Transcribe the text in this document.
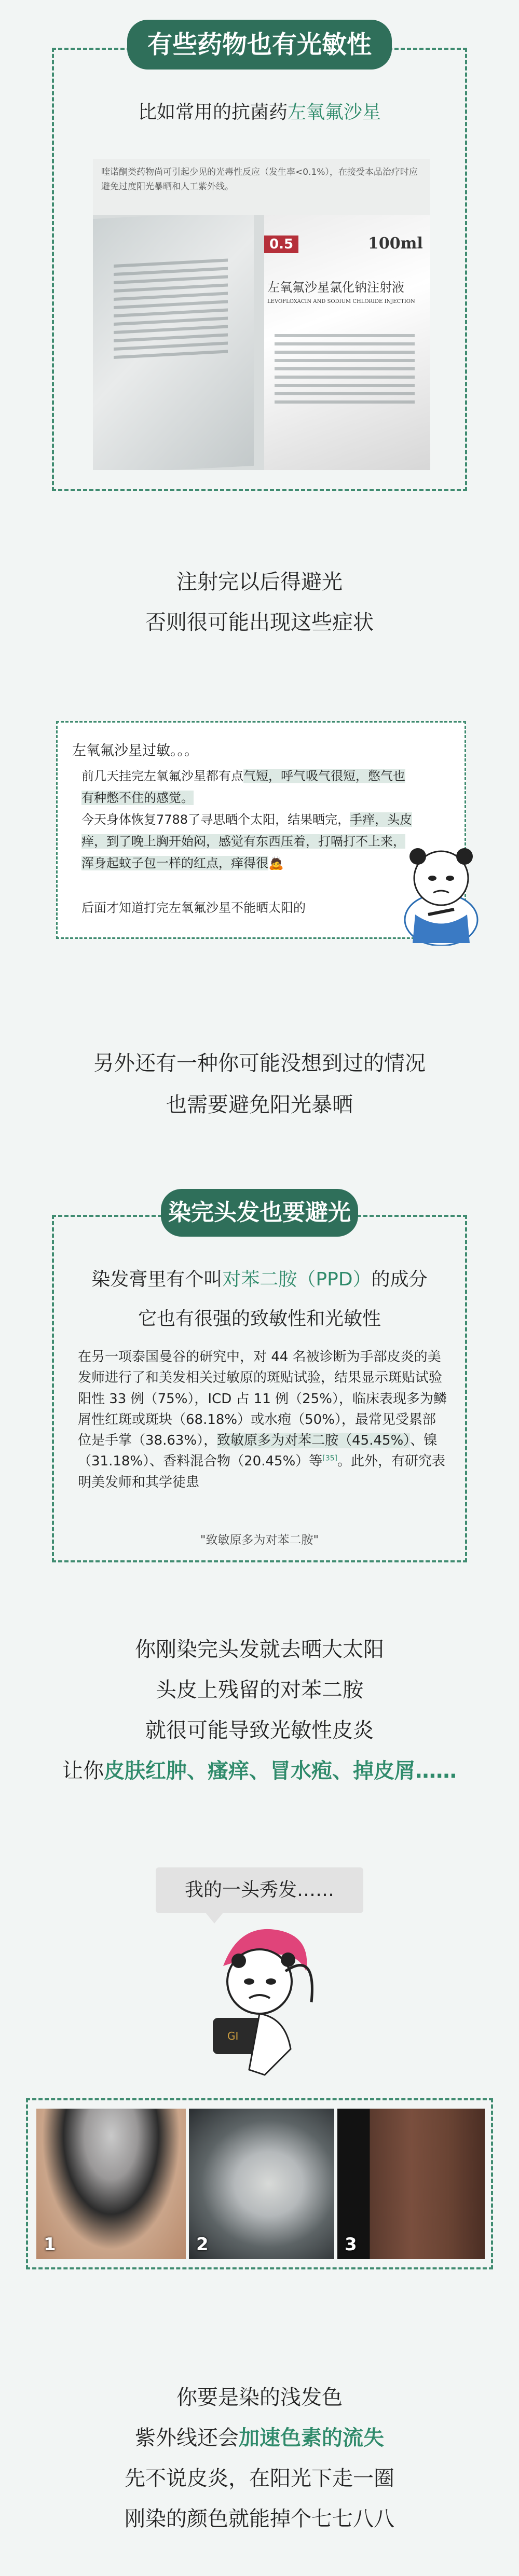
有些药物也有光敏性
比如常用的抗菌药左氧氟沙星
喹诺酮类药物尚可引起少见的光毒性反应（发生率<0.1%），在接受本品治疗时应避免过度阳光暴晒和人工紫外线。
0.5	100ml
左氧氟沙星氯化钠注射液
LEVOFLOXACIN AND SODIUM CHLORIDE INJECTION
注射完以后得避光
否则很可能出现这些症状
左氧氟沙星过敏。。。
前几天挂完左氧氟沙星都有点气短，呼气吸气很短，憋气也有种憋不住的感觉。
今天身体恢复7788了寻思晒个太阳，结果晒完，手痒，头皮痒，到了晚上胸开始闷，感觉有东西压着，打嗝打不上来，浑身起蚊子包一样的红点，痒得很🙇
后面才知道打完左氧氟沙星不能晒太阳的
另外还有一种你可能没想到过的情况
也需要避免阳光暴晒
染完头发也要避光
染发膏里有个叫对苯二胺（PPD）的成分
它也有很强的致敏性和光敏性
在另一项泰国曼谷的研究中，对 44 名被诊断为手部皮炎的美发师进行了和美发相关过敏原的斑贴试验，结果显示斑贴试验阳性 33 例（75%），ICD 占 11 例（25%），临床表现多为鳞屑性红斑或斑块（68.18%）或水疱（50%），最常见受累部位是手掌（38.63%），致敏原多为对苯二胺（45.45%）、镍（31.18%）、香料混合物（20.45%）等[35]。此外，有研究表明美发师和其学徒患
"致敏原多为对苯二胺"
你刚染完头发就去晒大太阳
头皮上残留的对苯二胺
就很可能导致光敏性皮炎
让你皮肤红肿、瘙痒、冒水疱、掉皮屑……
我的一头秀发……
GI
1	2	3
你要是染的浅发色
紫外线还会加速色素的流失
先不说皮炎，在阳光下走一圈
刚染的颜色就能掉个七七八八
